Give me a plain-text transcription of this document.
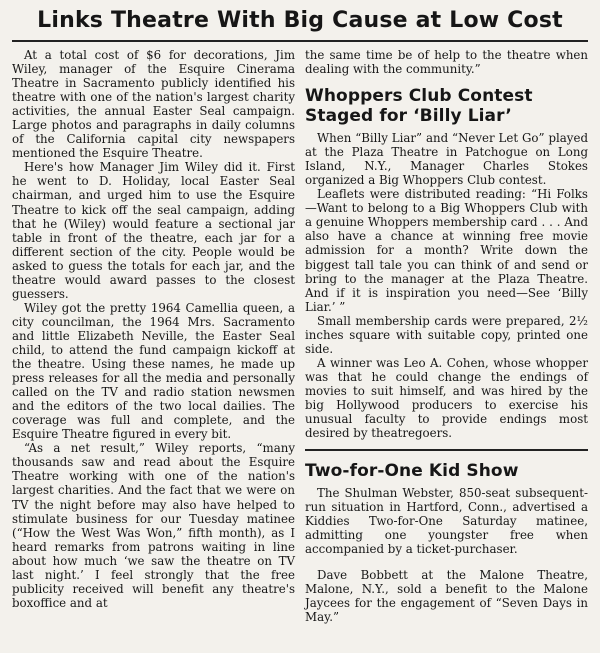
Links Theatre With Big Cause at Low Cost

At a total cost of $6 for decorations, Jim Wiley, manager of the Esquire Cinerama Theatre in Sacramento publicly identified his theatre with one of the nation's largest charity activities, the annual Easter Seal campaign. Large photos and paragraphs in daily columns of the California capital city newspapers mentioned the Esquire Theatre.

Here's how Manager Jim Wiley did it. First he went to D. Holiday, local Easter Seal chairman, and urged him to use the Esquire Theatre to kick off the seal campaign, adding that he (Wiley) would feature a sectional jar table in front of the theatre, each jar for a different section of the city. People would be asked to guess the totals for each jar, and the theatre would award passes to the closest guessers.

Wiley got the pretty 1964 Camellia queen, a city councilman, the 1964 Mrs. Sacramento and little Elizabeth Neville, the Easter Seal child, to attend the fund campaign kickoff at the theatre. Using these names, he made up press releases for all the media and personally called on the TV and radio station newsmen and the editors of the two local dailies. The coverage was full and complete, and the Esquire Theatre figured in every bit.

“As a net result,” Wiley reports, “many thousands saw and read about the Esquire Theatre working with one of the nation's largest charities. And the fact that we were on TV the night before may also have helped to stimulate business for our Tuesday matinee (“How the West Was Won,” fifth month), as I heard remarks from patrons waiting in line about how much ‘we saw the theatre on TV last night.’ I feel strongly that the free publicity received will benefit any theatre's boxoffice and at

the same time be of help to the theatre when dealing with the community.”

Whoppers Club Contest Staged for ‘Billy Liar’

When “Billy Liar” and “Never Let Go” played at the Plaza Theatre in Patchogue on Long Island, N.Y., Manager Charles Stokes organized a Big Whoppers Club contest.

Leaflets were distributed reading: “Hi Folks—Want to belong to a Big Whoppers Club with a genuine Whoppers membership card . . . And also have a chance at winning free movie admission for a month? Write down the biggest tall tale you can think of and send or bring to the manager at the Plaza Theatre. And if it is inspiration you need—See ‘Billy Liar.’ ”

Small membership cards were prepared, 2½ inches square with suitable copy, printed one side.

A winner was Leo A. Cohen, whose whopper was that he could change the endings of movies to suit himself, and was hired by the big Hollywood producers to exercise his unusual faculty to provide endings most desired by theatregoers.

Two-for-One Kid Show

The Shulman Webster, 850-seat subsequent-run situation in Hartford, Conn., advertised a Kiddies Two-for-One Saturday matinee, admitting one youngster free when accompanied by a ticket-purchaser.

Dave Bobbett at the Malone Theatre, Malone, N.Y., sold a benefit to the Malone Jaycees for the engagement of “Seven Days in May.”
